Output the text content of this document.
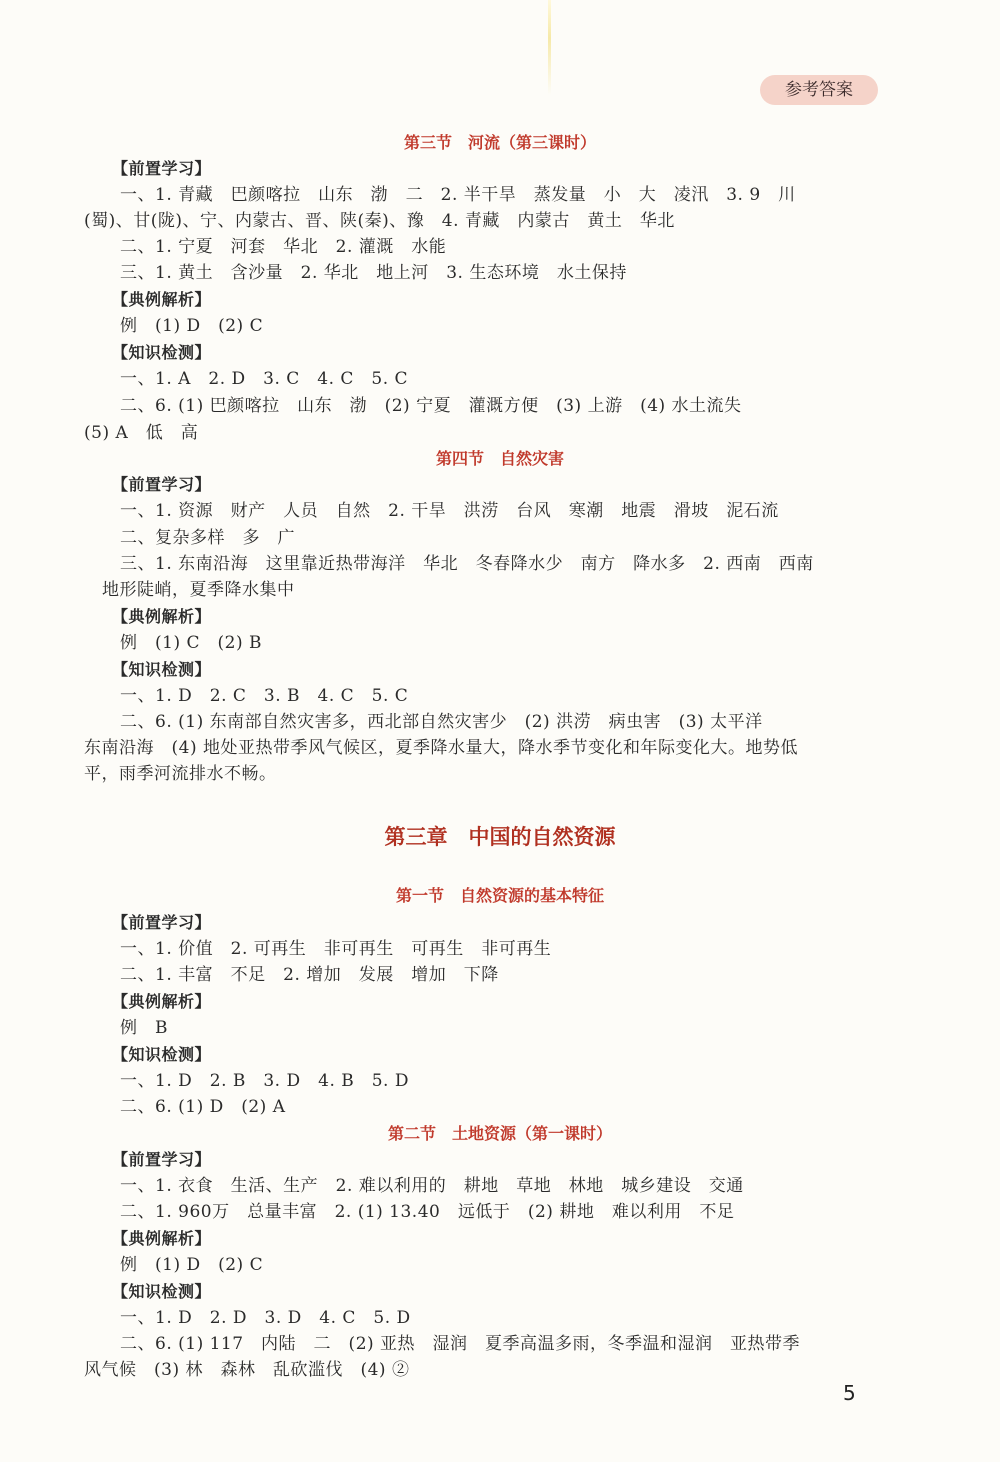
参考答案
第三节　河流（第三课时）
【前置学习】
一、1. 青藏　巴颜喀拉　山东　渤　二　2. 半干旱　蒸发量　小　大　凌汛　3. 9　川
(蜀)、甘(陇)、宁、内蒙古、晋、陕(秦)、豫　4. 青藏　内蒙古　黄土　华北
二、1. 宁夏　河套　华北　2. 灌溉　水能
三、1. 黄土　含沙量　2. 华北　地上河　3. 生态环境　水土保持
【典例解析】
例　(1) D　(2) C
【知识检测】
一、1. A　2. D　3. C　4. C　5. C
二、6. (1) 巴颜喀拉　山东　渤　(2) 宁夏　灌溉方便　(3) 上游　(4) 水土流失
(5) A　低　高
第四节　自然灾害
【前置学习】
一、1. 资源　财产　人员　自然　2. 干旱　洪涝　台风　寒潮　地震　滑坡　泥石流
二、复杂多样　多　广
三、1. 东南沿海　这里靠近热带海洋　华北　冬春降水少　南方　降水多　2. 西南　西南
地形陡峭，夏季降水集中
【典例解析】
例　(1) C　(2) B
【知识检测】
一、1. D　2. C　3. B　4. C　5. C
二、6. (1) 东南部自然灾害多，西北部自然灾害少　(2) 洪涝　病虫害　(3) 太平洋
东南沿海　(4) 地处亚热带季风气候区，夏季降水量大，降水季节变化和年际变化大。地势低
平，雨季河流排水不畅。
第三章　中国的自然资源
第一节　自然资源的基本特征
【前置学习】
一、1. 价值　2. 可再生　非可再生　可再生　非可再生
二、1. 丰富　不足　2. 增加　发展　增加　下降
【典例解析】
例　B
【知识检测】
一、1. D　2. B　3. D　4. B　5. D
二、6. (1) D　(2) A
第二节　土地资源（第一课时）
【前置学习】
一、1. 衣食　生活、生产　2. 难以利用的　耕地　草地　林地　城乡建设　交通
二、1. 960万　总量丰富　2. (1) 13.40　远低于　(2) 耕地　难以利用　不足
【典例解析】
例　(1) D　(2) C
【知识检测】
一、1. D　2. D　3. D　4. C　5. D
二、6. (1) 117　内陆　二　(2) 亚热　湿润　夏季高温多雨，冬季温和湿润　亚热带季
风气候　(3) 林　森林　乱砍滥伐　(4) ②
5
